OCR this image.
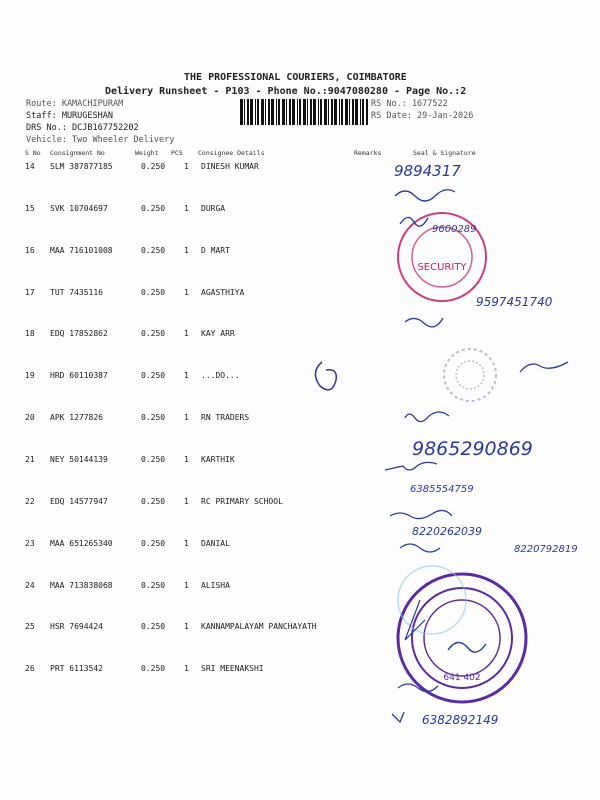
THE PROFESSIONAL COURIERS, COIMBATORE
Delivery Runsheet - P103 - Phone No.:9047080280 - Page No.:2
Route: KAMACHIPURAM
Staff: MURUGESHAN
DRS No.: DCJB167752202
Vehicle: Two Wheeler Delivery
RS No.: 1677522
RS Date: 29-Jan-2026
S No Consignment No	Weight PCS Consignee Details	Remarks	Seal & Signature
14 SLM 387877185	0.250 1 DINESH KUMAR
15 SVK 10704697	0.250 1 DURGA
16 MAA 716101008	0.250 1 D MART
17 TUT 7435116	0.250 1 AGASTHIYA
18 EDQ 17852862	0.250 1 KAY ARR
19 HRD 60110387	0.250 1 ...DO...
20 APK 1277826	0.250 1 RN TRADERS
21 NEY 50144139	0.250 1 KARTHIK
22 EDQ 14577947	0.250 1 RC PRIMARY SCHOOL
23 MAA 651265340	0.250 1 DANIAL
24 MAA 713838068	0.250 1 ALISHA
25 HSR 7694424	0.250 1 KANNAMPALAYAM PANCHAYATH
26 PRT 6113542	0.250 1 SRI MEENAKSHI
SECURITY
641 402
9894317
9600289
9597451740
9865290869
6385554759
8220262039
8220792819
6382892149
